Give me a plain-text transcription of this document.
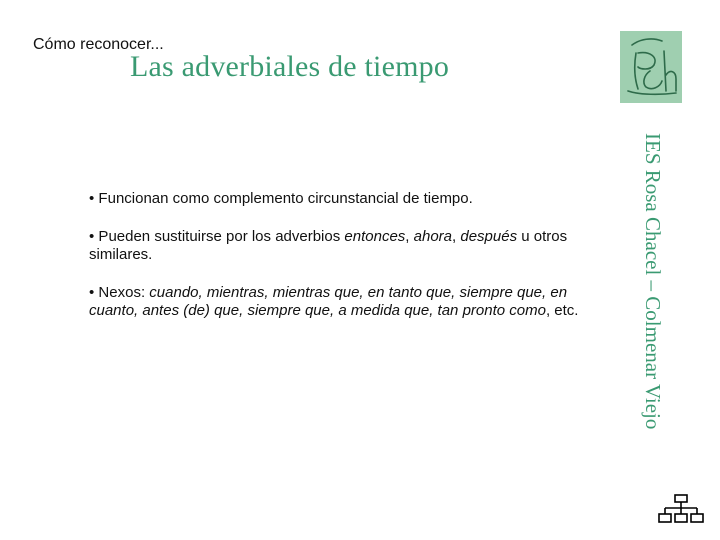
Cómo reconocer...
Las adverbiales de tiempo
• Funcionan como complemento circunstancial de tiempo.
• Pueden sustituirse por los adverbios entonces, ahora, después u otros similares.
• Nexos: cuando, mientras, mientras que, en tanto que, siempre que, en cuanto, antes (de) que, siempre que, a medida que, tan pronto como, etc.	IES Rosa Chacel – Colmenar Viejo
